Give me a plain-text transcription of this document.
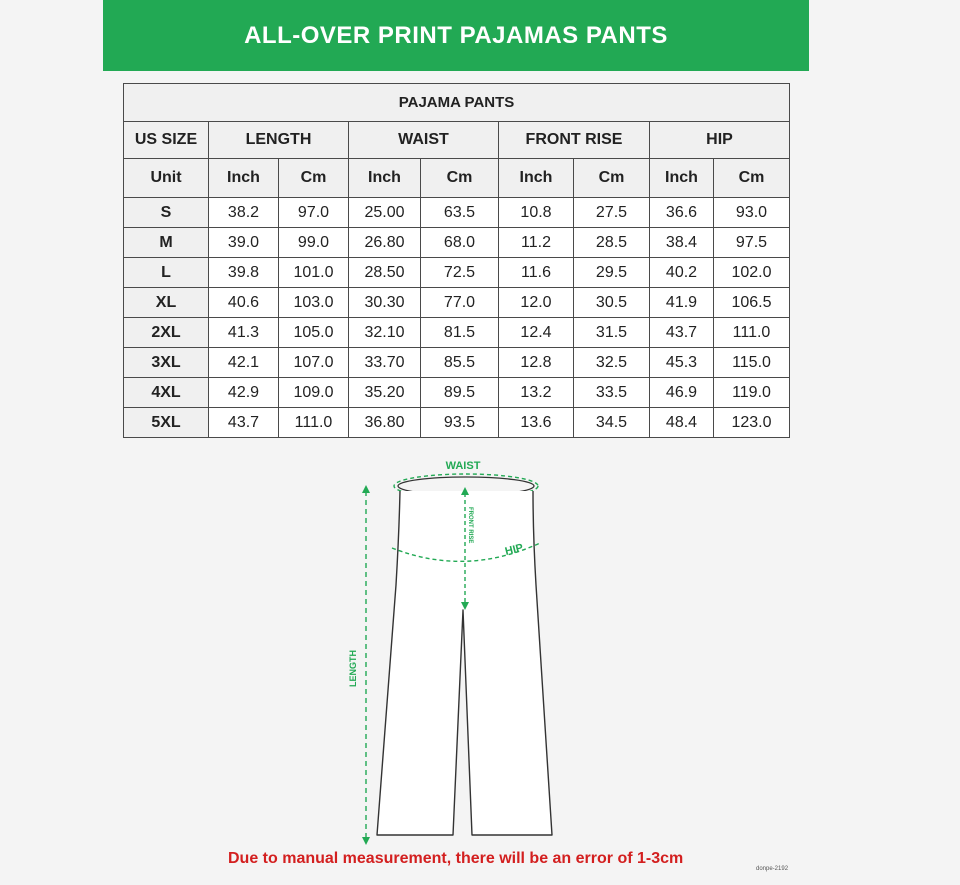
ALL-OVER PRINT PAJAMAS PANTS
PAJAMA PANTS								
US SIZE	LENGTH		WAIST		FRONT RISE		HIP	
Unit	Inch	Cm	Inch	Cm	Inch	Cm	Inch	Cm
S	38.2	97.0	25.00	63.5	10.8	27.5	36.6	93.0
M	39.0	99.0	26.80	68.0	11.2	28.5	38.4	97.5
L	39.8	101.0	28.50	72.5	11.6	29.5	40.2	102.0
XL	40.6	103.0	30.30	77.0	12.0	30.5	41.9	106.5
2XL	41.3	105.0	32.10	81.5	12.4	31.5	43.7	111.0
3XL	42.1	107.0	33.70	85.5	12.8	32.5	45.3	115.0
4XL	42.9	109.0	35.20	89.5	13.2	33.5	46.9	119.0
5XL	43.7	111.0	36.80	93.5	13.6	34.5	48.4	123.0
WAIST
FRONT RISE
HIP
LENGTH
Due to manual measurement, there will be an error of 1-3cm
donpe-2192
